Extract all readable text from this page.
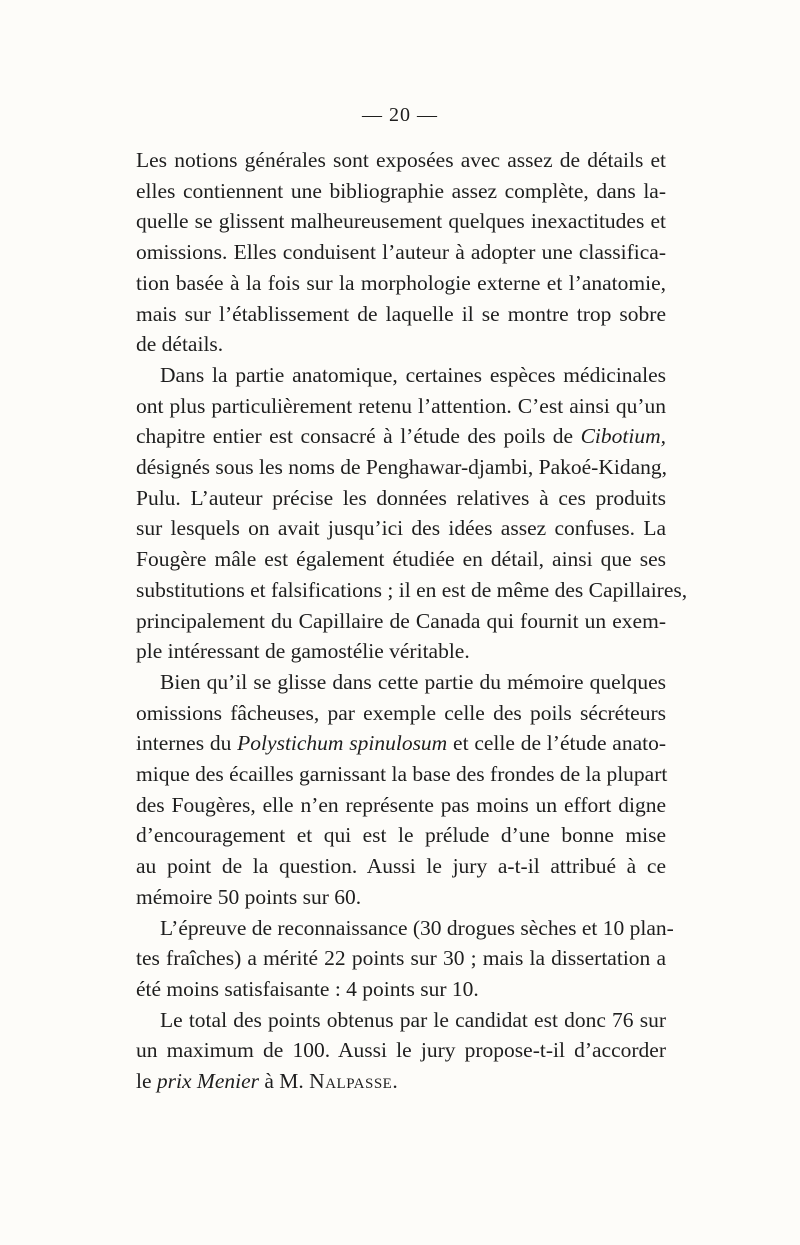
— 20 —
Les notions générales sont exposées avec assez de détails et
elles contiennent une bibliographie assez complète, dans la-
quelle se glissent malheureusement quelques inexactitudes et
omissions. Elles conduisent l’auteur à adopter une classifica-
tion basée à la fois sur la morphologie externe et l’anatomie,
mais sur l’établissement de laquelle il se montre trop sobre
de détails.
Dans la partie anatomique, certaines espèces médicinales
ont plus particulièrement retenu l’attention. C’est ainsi qu’un
chapitre entier est consacré à l’étude des poils de Cibotium,
désignés sous les noms de Penghawar-djambi, Pakoé-Kidang,
Pulu. L’auteur précise les données relatives à ces produits
sur lesquels on avait jusqu’ici des idées assez confuses. La
Fougère mâle est également étudiée en détail, ainsi que ses
substitutions et falsifications ; il en est de même des Capillaires,
principalement du Capillaire de Canada qui fournit un exem-
ple intéressant de gamostélie véritable.
Bien qu’il se glisse dans cette partie du mémoire quelques
omissions fâcheuses, par exemple celle des poils sécréteurs
internes du Polystichum spinulosum et celle de l’étude anato-
mique des écailles garnissant la base des frondes de la plupart
des Fougères, elle n’en représente pas moins un effort digne
d’encouragement et qui est le prélude d’une bonne mise
au point de la question. Aussi le jury a-t-il attribué à ce
mémoire 50 points sur 60.
L’épreuve de reconnaissance (30 drogues sèches et 10 plan-
tes fraîches) a mérité 22 points sur 30 ; mais la dissertation a
été moins satisfaisante : 4 points sur 10.
Le total des points obtenus par le candidat est donc 76 sur
un maximum de 100. Aussi le jury propose-t-il d’accorder
le prix Menier à M. Nalpasse.
